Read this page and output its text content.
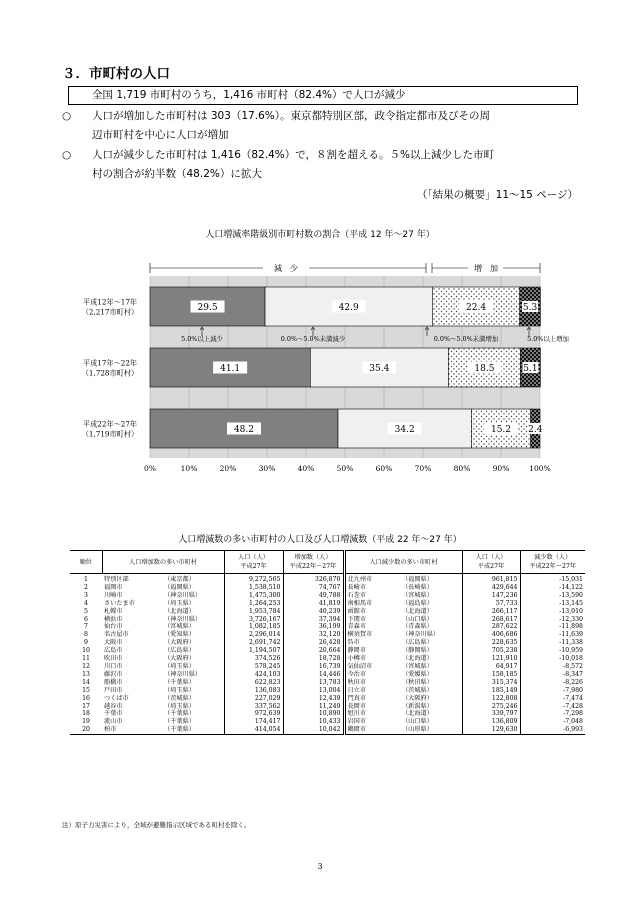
３．市町村の人口
全国 1,719 市町村のうち，1,416 市町村（82.4%）で人口が減少
○ 人口が増加した市町村は 303（17.6%）。東京都特別区部，政令指定都市及びその周
辺市町村を中心に人口が増加
○ 人口が減少した市町村は 1,416（82.4%）で，８割を超える。５%以上減少した市町
村の割合が約半数（48.2%）に拡大
（「結果の概要」11～15 ページ）
人口増減率階級別市町村数の割合（平成 12 年～27 年）
29.5	42.9	22.4	5.3
41.1	35.4	18.5	5.1
48.2	34.2	15.2 2.4
0%	10%	20%	30%	40%	50%	60%	70%	80%	90%	100%
平成12年～17年
（2,217市町村）
平成17年～22年
（1,728市町村）
平成22年～27年
（1,719市町村）
5.0%以上減少	0.0%～5.0%未満減少	0.0%～5.0%未満増加	5.0%以上増加
減　少	増　加
人口増減数の多い市町村の人口及び人口増減数（平成 22 年～27 年）
順位	人口増加数の多い市町村		人口（人）	増加数（人）	人口減少数の多い市町村		人口（人）	減少数（人）
			平成27年	平成22年～27年			平成27年	平成22年～27年
1	特別区部	（東京都）	9,272,565	326,870	北九州市	（福岡県）	961,815	-15,031
2	福岡市	（福岡県）	1,538,510	74,767	長崎市	（長崎県）	429,644	-14,122
3	川崎市	（神奈川県）	1,475,300	49,788	石巻市	（宮城県）	147,236	-13,590
4	さいたま市	（埼玉県）	1,264,253	41,819	南相馬市	（福島県）	57,733	-13,145
5	札幌市	（北海道）	1,953,784	40,239	函館市	（北海道）	266,117	-13,010
6	横浜市	（神奈川県）	3,726,167	37,394	下関市	（山口県）	268,617	-12,330
7	仙台市	（宮城県）	1,082,185	36,199	青森市	（青森県）	287,622	-11,898
8	名古屋市	（愛知県）	2,296,014	32,120	横須賀市	（神奈川県）	406,686	-11,639
9	大阪市	（大阪府）	2,691,742	26,428	呉市	（広島県）	228,635	-11,338
10	広島市	（広島県）	1,194,507	20,664	静岡市	（静岡県）	705,238	-10,959
11	吹田市	（大阪府）	374,526	18,728	小樽市	（北海道）	121,910	-10,018
12	川口市	（埼玉県）	578,245	16,739	気仙沼市	（宮城県）	64,917	-8,572
13	藤沢市	（神奈川県）	424,103	14,446	今治市	（愛媛県）	158,185	-8,347
14	船橋市	（千葉県）	622,823	13,783	秋田市	（秋田県）	315,374	-8,226
15	戸田市	（埼玉県）	136,083	13,004	日立市	（茨城県）	185,149	-7,980
16	つくば市	（茨城県）	227,029	12,439	門真市	（大阪府）	122,808	-7,474
17	越谷市	（埼玉県）	337,562	11,249	長岡市	（新潟県）	275,246	-7,428
18	千葉市	（千葉県）	972,639	10,890	旭川市	（北海道）	339,797	-7,298
19	流山市	（千葉県）	174,417	10,433	岩国市	（山口県）	136,809	-7,048
20	柏市	（千葉県）	414,054	10,042	鶴岡市	（山形県）	129,630	-6,993
注）原子力災害により，全域が避難指示区域である町村を除く。
3
